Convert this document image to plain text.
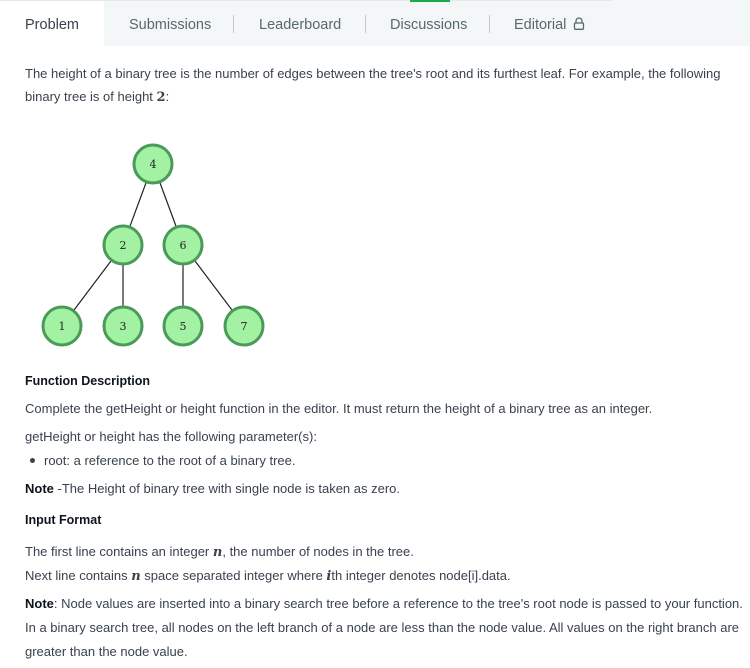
Problem	Submissions	Leaderboard	Discussions	Editorial

The height of a binary tree is the number of edges between the tree's root and its furthest leaf. For example, the following

binary tree is of height 2:

4
2	6
1	3	5	7
Function Description
Complete the getHeight or height function in the editor. It must return the height of a binary tree as an integer.
getHeight or height has the following parameter(s):
root: a reference to the root of a binary tree.
Note -The Height of binary tree with single node is taken as zero.
Input Format
The first line contains an integer n, the number of nodes in the tree.
Next line contains n space separated integer where ith integer denotes node[i].data.
Note: Node values are inserted into a binary search tree before a reference to the tree's root node is passed to your function.
In a binary search tree, all nodes on the left branch of a node are less than the node value. All values on the right branch are
greater than the node value.
